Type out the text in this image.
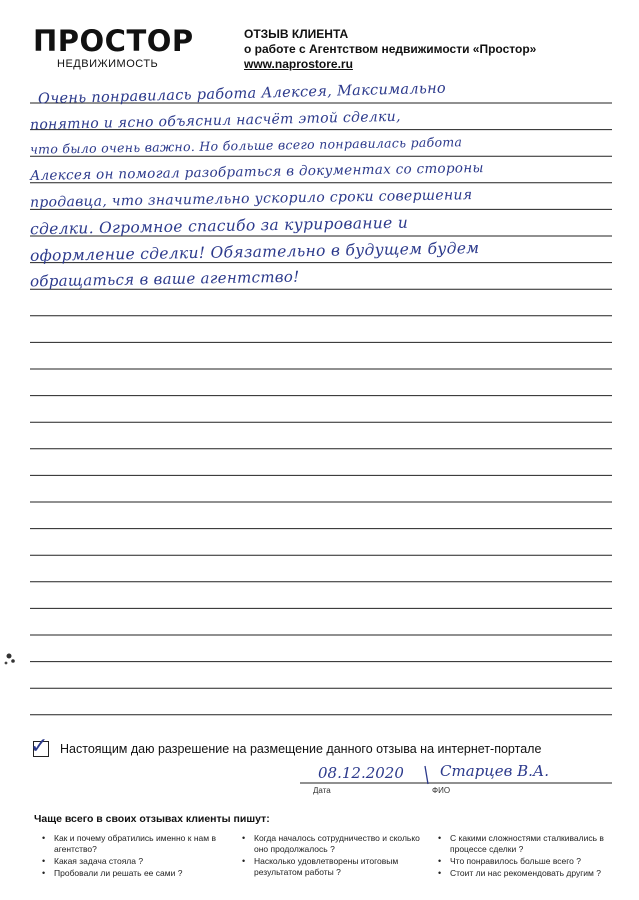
ПРОСТОР
НЕДВИЖИМОСТЬ
ОТЗЫВ КЛИЕНТА
о работе с Агентством недвижимости «Простор»
www.naprostore.ru
Очень понравилась работа Алексея, Максимально
понятно и ясно объяснил насчёт этой сделки,
что было очень важно. Но больше всего понравилась работа
Алексея он помогал разобраться в документах со стороны
продавца, что значительно ускорило сроки совершения
сделки. Огромное спасибо за курирование и
оформление сделки! Обязательно в будущем будем
обращаться в ваше агентство!
✓ Настоящим даю разрешение на размещение данного отзыва на интернет-портале
08.12.2020 Старцев В.А.
Дата	ФИО
Чаще всего в своих отзывах клиенты пишут:
• Как и почему обратились именно к нам в агентство?
• Какая задача стояла ?
• Пробовали ли решать ее сами ?
• Когда началось сотрудничество и сколько оно продолжалось ?
• Насколько удовлетворены итоговым результатом работы ?
• С какими сложностями сталкивались в процессе сделки ?
• Что понравилось больше всего ?
• Стоит ли нас рекомендовать другим ?
